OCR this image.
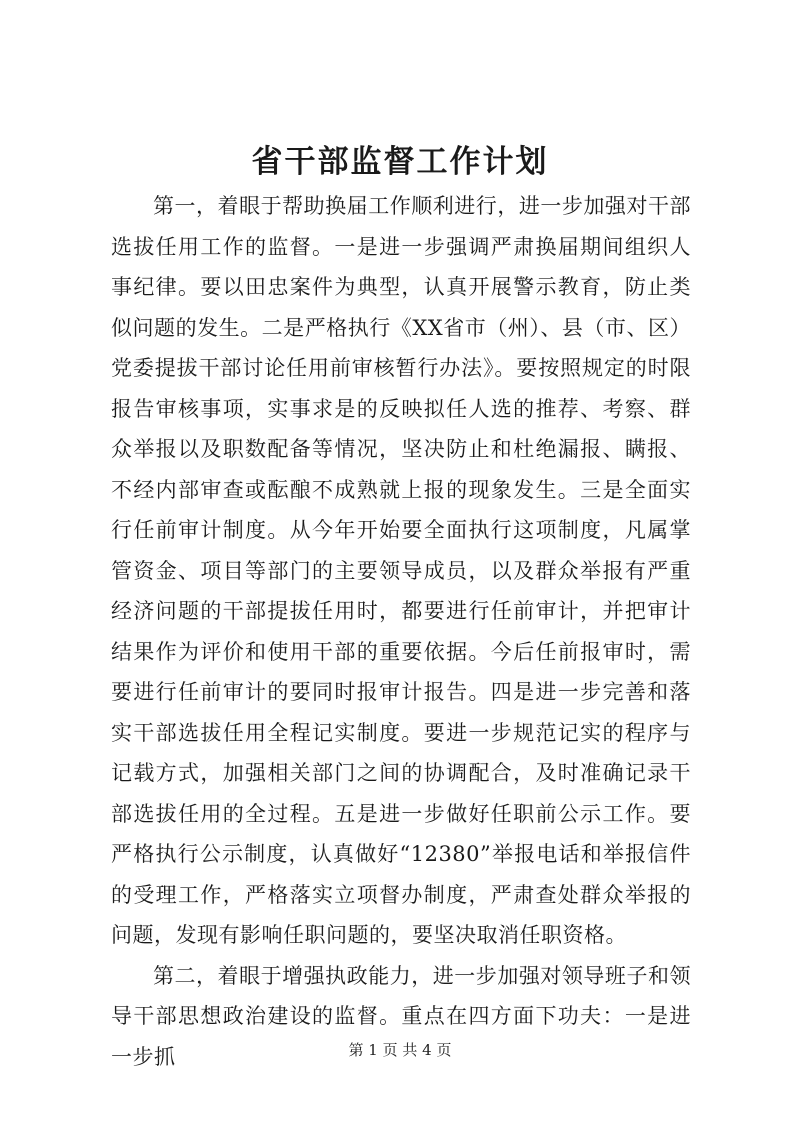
省干部监督工作计划

第一，着眼于帮助换届工作顺利进行，进一步加强对干部选拔任用工作的监督。一是进一步强调严肃换届期间组织人事纪律。要以田忠案件为典型，认真开展警示教育，防止类似问题的发生。二是严格执行《XX省市（州）、县（市、区）党委提拔干部讨论任用前审核暂行办法》。要按照规定的时限报告审核事项，实事求是的反映拟任人选的推荐、考察、群众举报以及职数配备等情况，坚决防止和杜绝漏报、瞒报、不经内部审查或酝酿不成熟就上报的现象发生。三是全面实行任前审计制度。从今年开始要全面执行这项制度，凡属掌管资金、项目等部门的主要领导成员，以及群众举报有严重经济问题的干部提拔任用时，都要进行任前审计，并把审计结果作为评价和使用干部的重要依据。今后任前报审时，需要进行任前审计的要同时报审计报告。四是进一步完善和落实干部选拔任用全程记实制度。要进一步规范记实的程序与记载方式，加强相关部门之间的协调配合，及时准确记录干部选拔任用的全过程。五是进一步做好任职前公示工作。要严格执行公示制度，认真做好“12380”举报电话和举报信件的受理工作，严格落实立项督办制度，严肃查处群众举报的问题，发现有影响任职问题的，要坚决取消任职资格。

第二，着眼于增强执政能力，进一步加强对领导班子和领导干部思想政治建设的监督。重点在四方面下功夫：一是进一步抓	第 1 页 共 4 页
